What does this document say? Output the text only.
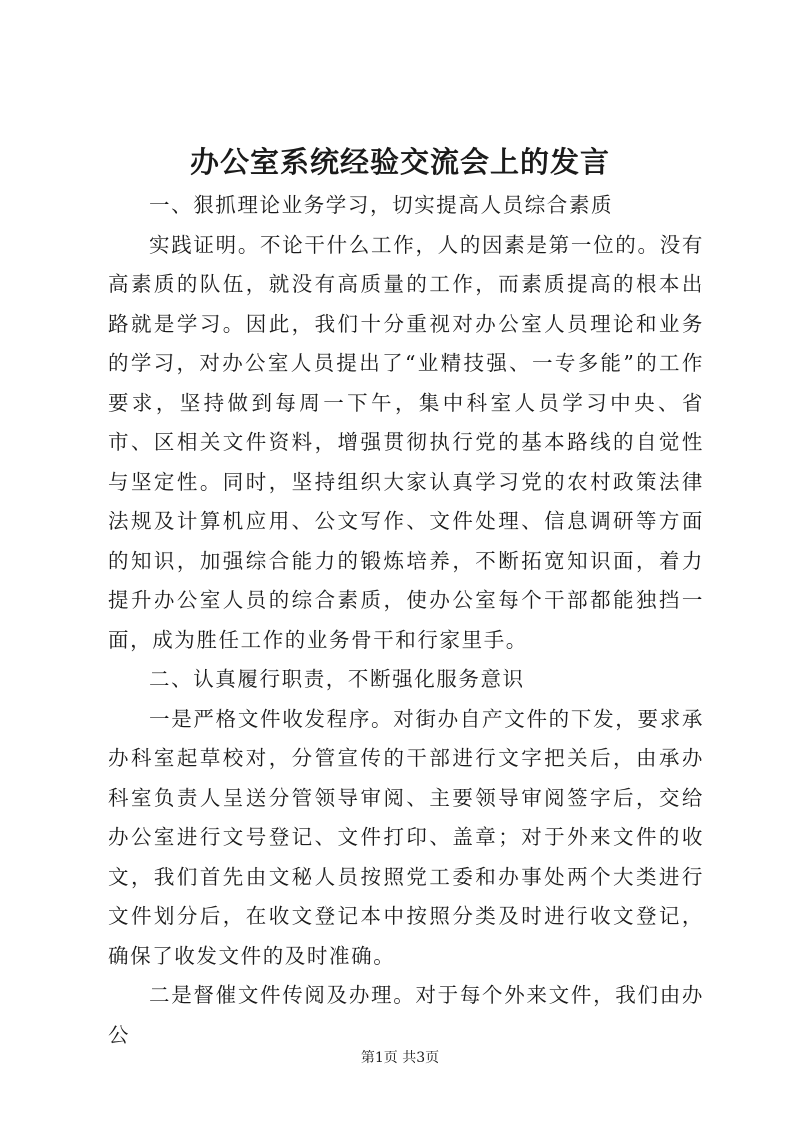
办公室系统经验交流会上的发言

一、狠抓理论业务学习，切实提高人员综合素质

实践证明。不论干什么工作，人的因素是第一位的。没有高素质的队伍，就没有高质量的工作，而素质提高的根本出路就是学习。因此，我们十分重视对办公室人员理论和业务的学习，对办公室人员提出了“业精技强、一专多能”的工作要求，坚持做到每周一下午，集中科室人员学习中央、省市、区相关文件资料，增强贯彻执行党的基本路线的自觉性与坚定性。同时，坚持组织大家认真学习党的农村政策法律法规及计算机应用、公文写作、文件处理、信息调研等方面的知识，加强综合能力的锻炼培养，不断拓宽知识面，着力提升办公室人员的综合素质，使办公室每个干部都能独挡一面，成为胜任工作的业务骨干和行家里手。

二、认真履行职责，不断强化服务意识

一是严格文件收发程序。对街办自产文件的下发，要求承办科室起草校对，分管宣传的干部进行文字把关后，由承办科室负责人呈送分管领导审阅、主要领导审阅签字后，交给办公室进行文号登记、文件打印、盖章；对于外来文件的收文，我们首先由文秘人员按照党工委和办事处两个大类进行文件划分后，在收文登记本中按照分类及时进行收文登记，确保了收发文件的及时准确。

二是督催文件传阅及办理。对于每个外来文件，我们由办公

第1页 共3页
